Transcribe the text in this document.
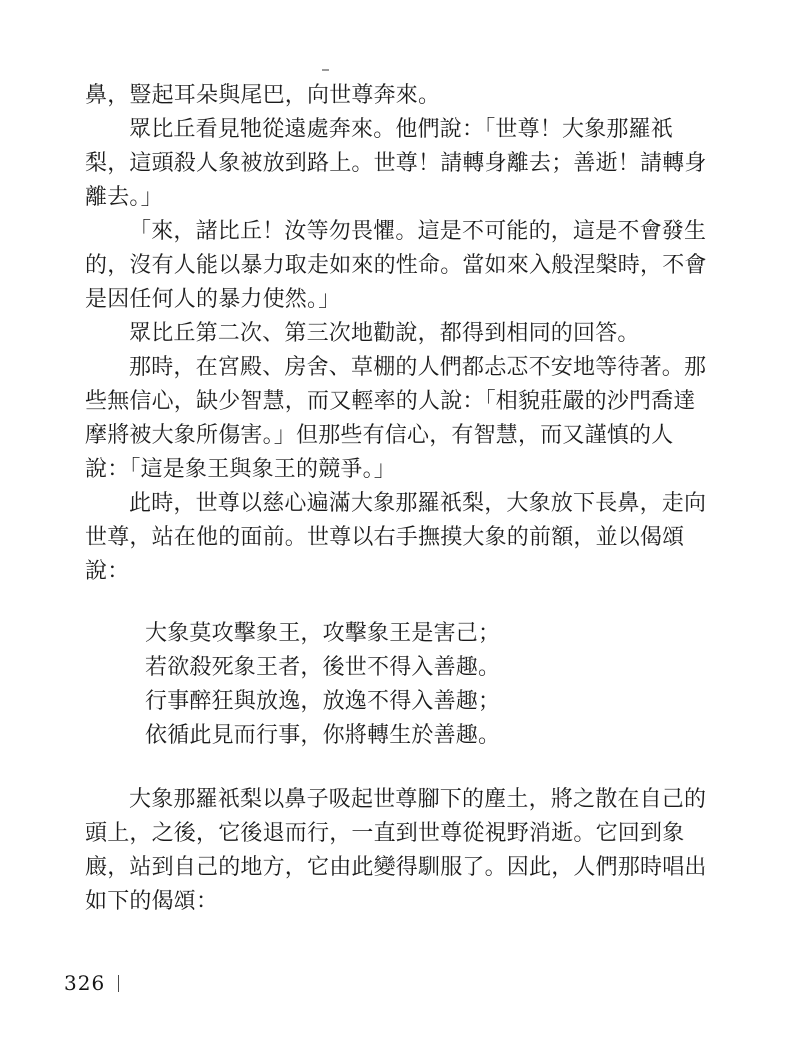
鼻，豎起耳朵與尾巴，向世尊奔來。
眾比丘看見牠從遠處奔來。他們說：「世尊！大象那羅祇
梨，這頭殺人象被放到路上。世尊！請轉身離去；善逝！請轉身
離去。」
「來，諸比丘！汝等勿畏懼。這是不可能的，這是不會發生
的，沒有人能以暴力取走如來的性命。當如來入般涅槃時，不會
是因任何人的暴力使然。」
眾比丘第二次、第三次地勸說，都得到相同的回答。
那時，在宮殿、房舍、草棚的人們都忐忑不安地等待著。那
些無信心，缺少智慧，而又輕率的人說：「相貌莊嚴的沙門喬達
摩將被大象所傷害。」但那些有信心，有智慧，而又謹慎的人
說：「這是象王與象王的競爭。」
此時，世尊以慈心遍滿大象那羅祇梨，大象放下長鼻，走向
世尊，站在他的面前。世尊以右手撫摸大象的前額，並以偈頌
說：
大象莫攻擊象王，攻擊象王是害己；
若欲殺死象王者，後世不得入善趣。
行事醉狂與放逸，放逸不得入善趣；
依循此見而行事，你將轉生於善趣。
大象那羅祇梨以鼻子吸起世尊腳下的塵土，將之散在自己的
頭上，之後，它後退而行，一直到世尊從視野消逝。它回到象
廄，站到自己的地方，它由此變得馴服了。因此，人們那時唱出
如下的偈頌：
326
